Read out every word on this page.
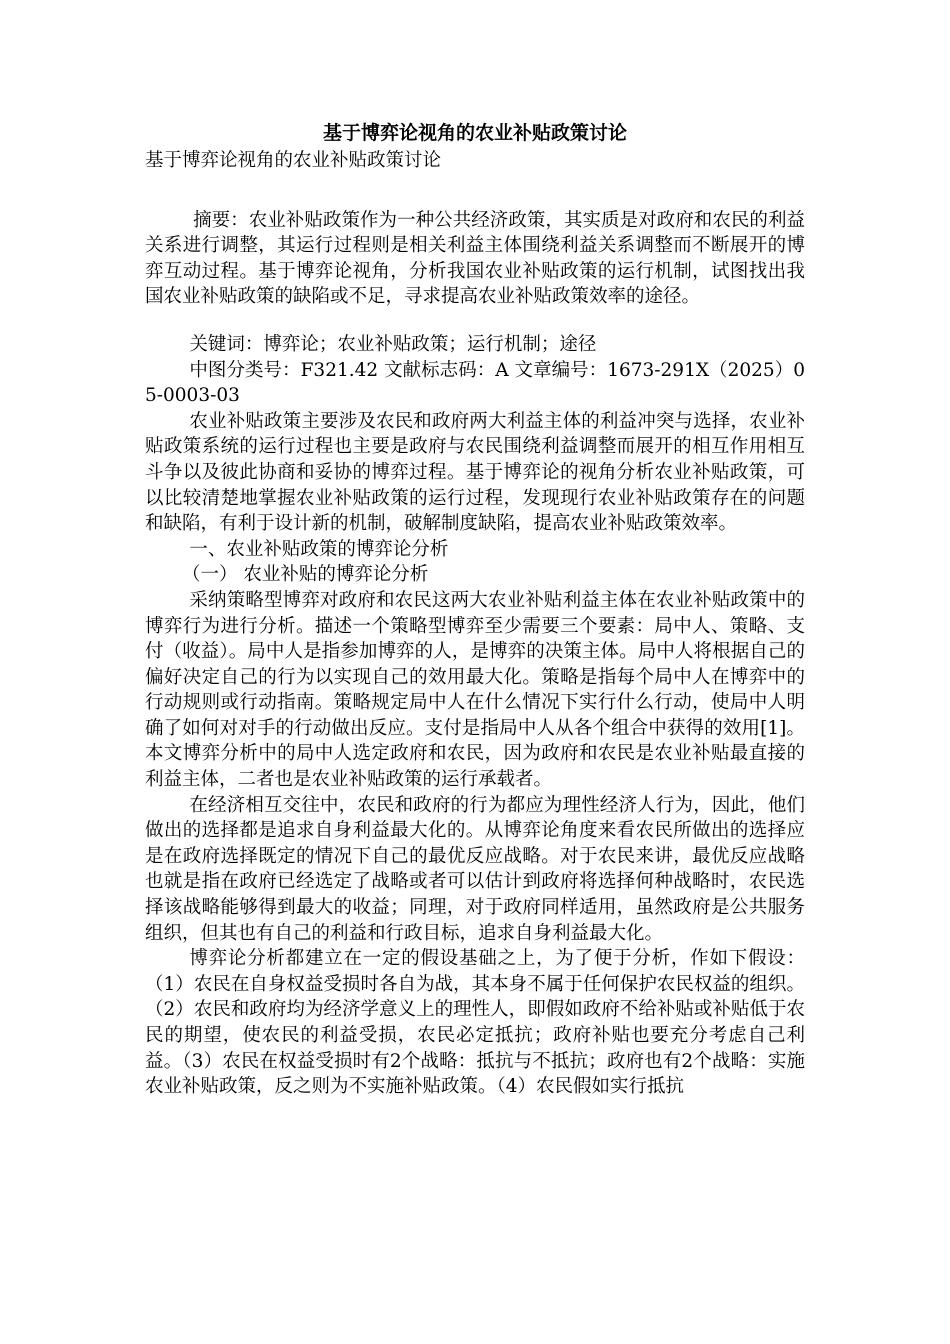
基于博弈论视角的农业补贴政策讨论

基于博弈论视角的农业补贴政策讨论

摘要：农业补贴政策作为一种公共经济政策，其实质是对政府和农民的利益关系进行调整，其运行过程则是相关利益主体围绕利益关系调整而不断展开的博弈互动过程。基于博弈论视角，分析我国农业补贴政策的运行机制，试图找出我国农业补贴政策的缺陷或不足，寻求提高农业补贴政策效率的途径。

关键词：博弈论；农业补贴政策；运行机制；途径

中图分类号：F321.42 文献标志码：A 文章编号：1673-291X（2025）05-0003-03

农业补贴政策主要涉及农民和政府两大利益主体的利益冲突与选择，农业补贴政策系统的运行过程也主要是政府与农民围绕利益调整而展开的相互作用相互斗争以及彼此协商和妥协的博弈过程。基于博弈论的视角分析农业补贴政策，可以比较清楚地掌握农业补贴政策的运行过程，发现现行农业补贴政策存在的问题和缺陷，有利于设计新的机制，破解制度缺陷，提高农业补贴政策效率。

一、农业补贴政策的博弈论分析

（一） 农业补贴的博弈论分析

采纳策略型博弈对政府和农民这两大农业补贴利益主体在农业补贴政策中的博弈行为进行分析。描述一个策略型博弈至少需要三个要素：局中人、策略、支付（收益）。局中人是指参加博弈的人，是博弈的决策主体。局中人将根据自己的偏好决定自己的行为以实现自己的效用最大化。策略是指每个局中人在博弈中的行动规则或行动指南。策略规定局中人在什么情况下实行什么行动，使局中人明确了如何对对手的行动做出反应。支付是指局中人从各个组合中获得的效用[1]。本文博弈分析中的局中人选定政府和农民，因为政府和农民是农业补贴最直接的利益主体，二者也是农业补贴政策的运行承载者。

在经济相互交往中，农民和政府的行为都应为理性经济人行为，因此，他们做出的选择都是追求自身利益最大化的。从博弈论角度来看农民所做出的选择应是在政府选择既定的情况下自己的最优反应战略。对于农民来讲，最优反应战略也就是指在政府已经选定了战略或者可以估计到政府将选择何种战略时，农民选择该战略能够得到最大的收益；同理，对于政府同样适用，虽然政府是公共服务组织，但其也有自己的利益和行政目标，追求自身利益最大化。

博弈论分析都建立在一定的假设基础之上，为了便于分析，作如下假设：（1）农民在自身权益受损时各自为战，其本身不属于任何保护农民权益的组织。（2）农民和政府均为经济学意义上的理性人，即假如政府不给补贴或补贴低于农民的期望，使农民的利益受损，农民必定抵抗；政府补贴也要充分考虑自己利益。（3）农民在权益受损时有2个战略：抵抗与不抵抗；政府也有2个战略：实施农业补贴政策，反之则为不实施补贴政策。（4）农民假如实行抵抗
